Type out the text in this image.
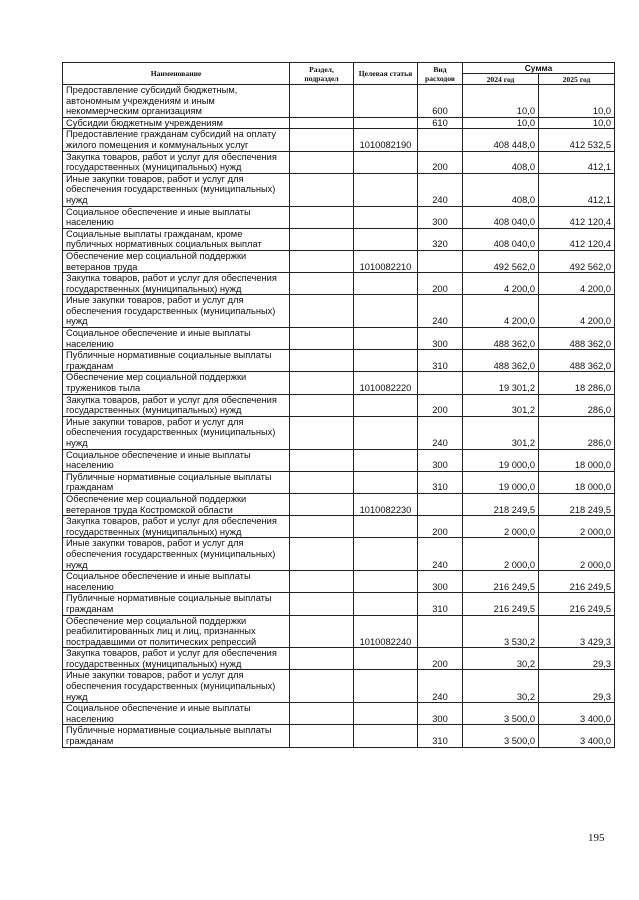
Наименование	Раздел, подраздел	Целевая статья	Вид расходов	Сумма	
				2024 год	2025 год
Предоставление субсидий бюджетным, автономным учреждениям и иным некоммерческим организациям			600	10,0	10,0
Субсидии бюджетным учреждениям			610	10,0	10,0
Предоставление гражданам субсидий на оплату жилого помещения и коммунальных услуг		1010082190		408 448,0	412 532,5
Закупка товаров, работ и услуг для обеспечения государственных (муниципальных) нужд			200	408,0	412,1
Иные закупки товаров, работ и услуг для обеспечения государственных (муниципальных) нужд			240	408,0	412,1
Социальное обеспечение и иные выплаты населению			300	408 040,0	412 120,4
Социальные выплаты гражданам, кроме публичных нормативных социальных выплат			320	408 040,0	412 120,4
Обеспечение мер социальной поддержки ветеранов труда		1010082210		492 562,0	492 562,0
Закупка товаров, работ и услуг для обеспечения государственных (муниципальных) нужд			200	4 200,0	4 200,0
Иные закупки товаров, работ и услуг для обеспечения государственных (муниципальных) нужд			240	4 200,0	4 200,0
Социальное обеспечение и иные выплаты населению			300	488 362,0	488 362,0
Публичные нормативные социальные выплаты гражданам			310	488 362,0	488 362,0
Обеспечение мер социальной поддержки тружеников тыла		1010082220		19 301,2	18 286,0
Закупка товаров, работ и услуг для обеспечения государственных (муниципальных) нужд			200	301,2	286,0
Иные закупки товаров, работ и услуг для обеспечения государственных (муниципальных) нужд			240	301,2	286,0
Социальное обеспечение и иные выплаты населению			300	19 000,0	18 000,0
Публичные нормативные социальные выплаты гражданам			310	19 000,0	18 000,0
Обеспечение мер социальной поддержки ветеранов труда Костромской области		1010082230		218 249,5	218 249,5
Закупка товаров, работ и услуг для обеспечения государственных (муниципальных) нужд			200	2 000,0	2 000,0
Иные закупки товаров, работ и услуг для обеспечения государственных (муниципальных) нужд			240	2 000,0	2 000,0
Социальное обеспечение и иные выплаты населению			300	216 249,5	216 249,5
Публичные нормативные социальные выплаты гражданам			310	216 249,5	216 249,5
Обеспечение мер социальной поддержки реабилитированных лиц и лиц, признанных пострадавшими от политических репрессий		1010082240		3 530,2	3 429,3
Закупка товаров, работ и услуг для обеспечения государственных (муниципальных) нужд			200	30,2	29,3
Иные закупки товаров, работ и услуг для обеспечения государственных (муниципальных) нужд			240	30,2	29,3
Социальное обеспечение и иные выплаты населению			300	3 500,0	3 400,0
Публичные нормативные социальные выплаты гражданам			310	3 500,0	3 400,0
195
